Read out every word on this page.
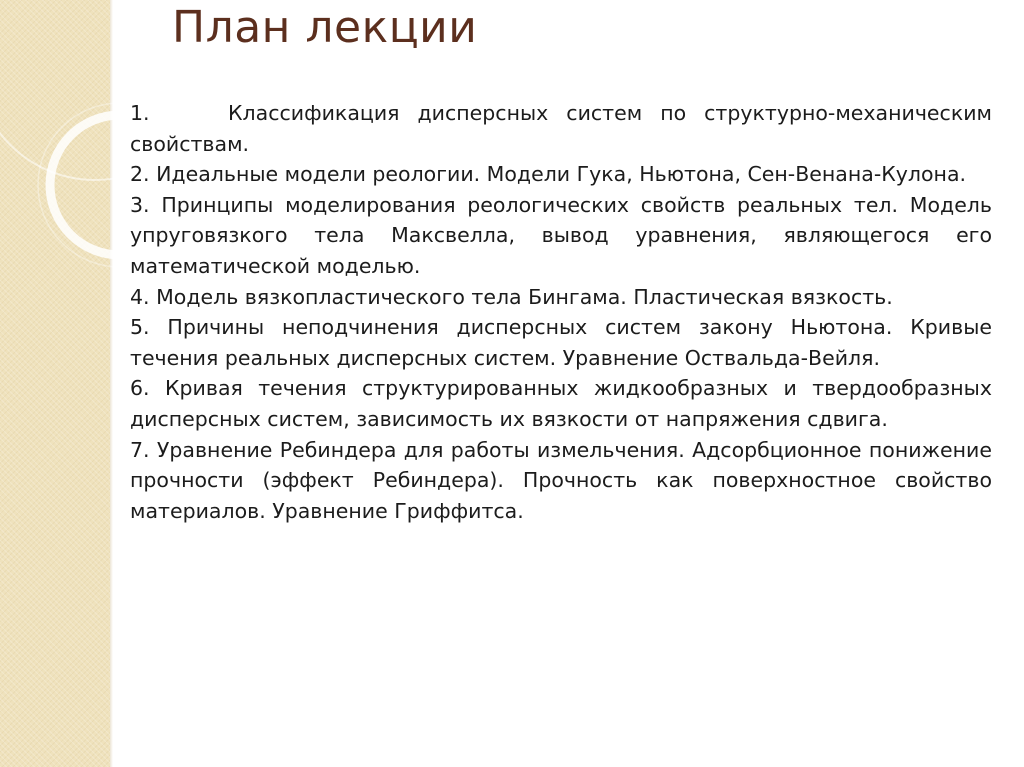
План лекции

1.	Классификация дисперсных систем по структурно-механическим свойствам.

2. Идеальные модели реологии. Модели Гука, Ньютона, Сен-Венана-Кулона.

3. Принципы моделирования реологических свойств реальных тел. Модель упруговязкого тела Максвелла, вывод уравнения, являющегося его математической моделью.

4. Модель вязкопластического тела Бингама. Пластическая вязкость.

5. Причины неподчинения дисперсных систем закону Ньютона. Кривые течения реальных дисперсных систем. Уравнение Оствальда-Вейля.

6. Кривая течения структурированных жидкообразных и твердообразных дисперсных систем, зависимость их вязкости от напряжения сдвига.

7. Уравнение Ребиндера для работы измельчения. Адсорбционное понижение прочности (эффект Ребиндера). Прочность как поверхностное свойство материалов. Уравнение Гриффитса.
